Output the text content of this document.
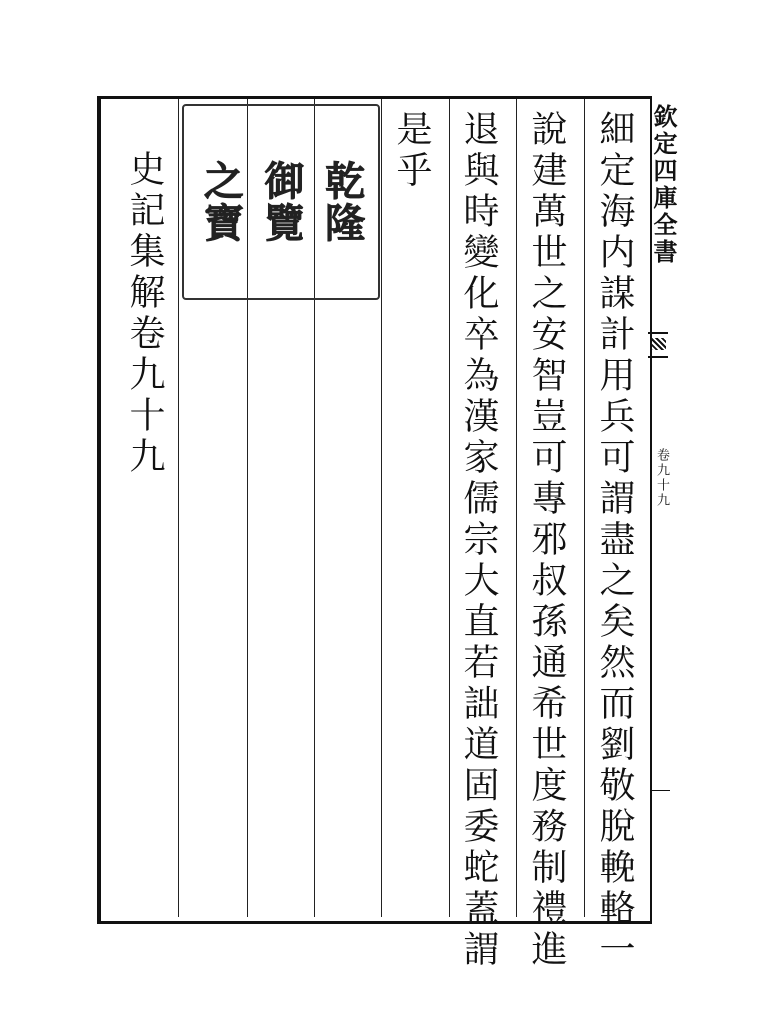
欽定四庫全書
卷九十九
細定海内謀計用兵可謂盡之矣然而劉敬脫輓輅一
說建萬世之安智豈可專邪叔孫通希世度務制禮進
退與時變化卒為漢家儒宗大直若詘道固委蛇蓋謂
是乎
史記集解卷九十九	乾隆
御覽
之寶
